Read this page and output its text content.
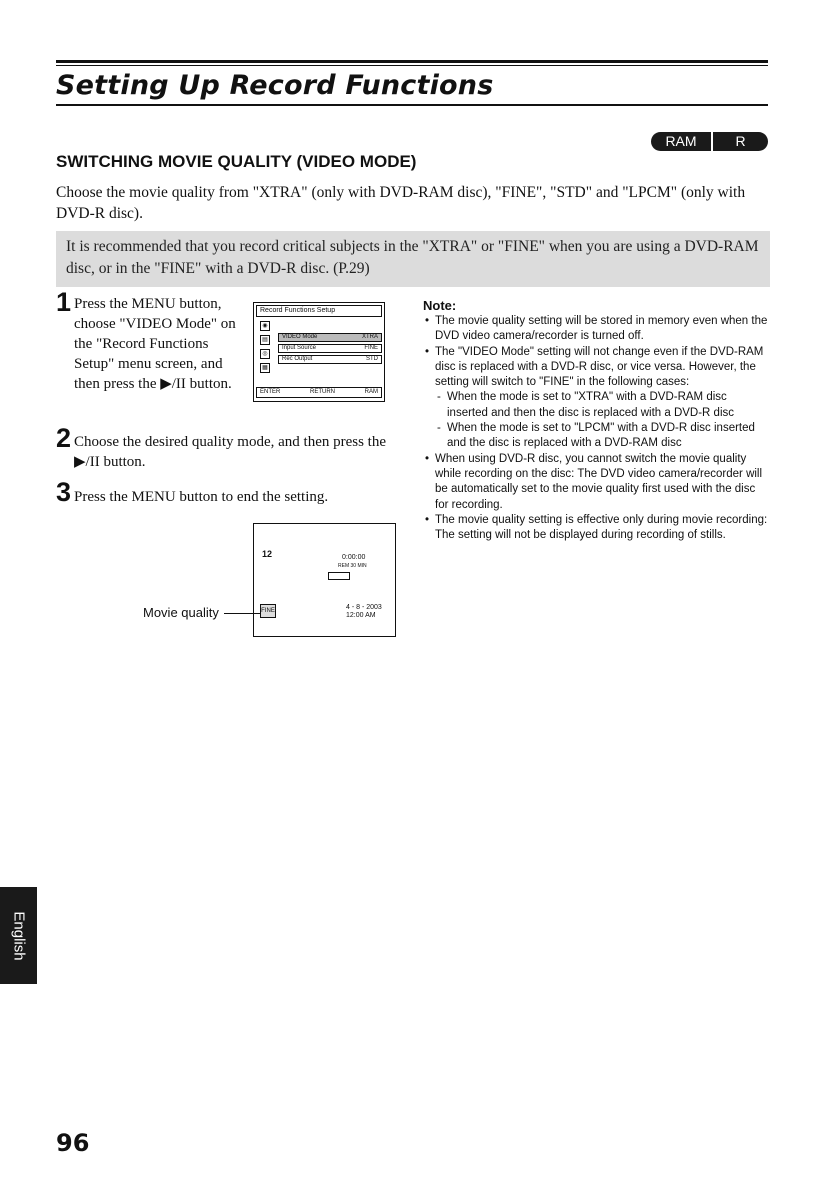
Setting Up Record Functions
RAM	R
SWITCHING MOVIE QUALITY (VIDEO MODE)
Choose the movie quality from "XTRA" (only with DVD-RAM disc), "FINE", "STD" and "LPCM" (only with DVD-R disc).
It is recommended that you record critical subjects in the "XTRA" or "FINE" when you are using a DVD-RAM disc, or in the "FINE" with a DVD-R disc. (P.29)
1 Press the MENU button, choose "VIDEO Mode" on the "Record Functions Setup" menu screen, and then press the ▶/II button.
2 Choose the desired quality mode, and then press the ▶/II button.
3 Press the MENU button to end the setting.
Record Functions Setup
◉
▤
◎
▦
VIDEO Mode	XTRA
Input Source	FINE
Rec Output	STD
ENTER	RETURN	RAM
12	0:00:00
REM 30 MIN
FINE	4 - 8 - 2003
12:00 AM
Movie quality
Note:
• The movie quality setting will be stored in memory even when the DVD video camera/recorder is turned off.
• The "VIDEO Mode" setting will not change even if the DVD-RAM disc is replaced with a DVD-R disc, or vice versa. However, the setting will switch to "FINE" in the following cases:
- When the mode is set to "XTRA" with a DVD-RAM disc inserted and then the disc is replaced with a DVD-R disc
- When the mode is set to "LPCM" with a DVD-R disc inserted and the disc is replaced with a DVD-RAM disc
• When using DVD-R disc, you cannot switch the movie quality while recording on the disc: The DVD video camera/recorder will be automatically set to the movie quality first used with the disc for recording.
• The movie quality setting is effective only during movie recording: The setting will not be displayed during recording of stills.
English
96
